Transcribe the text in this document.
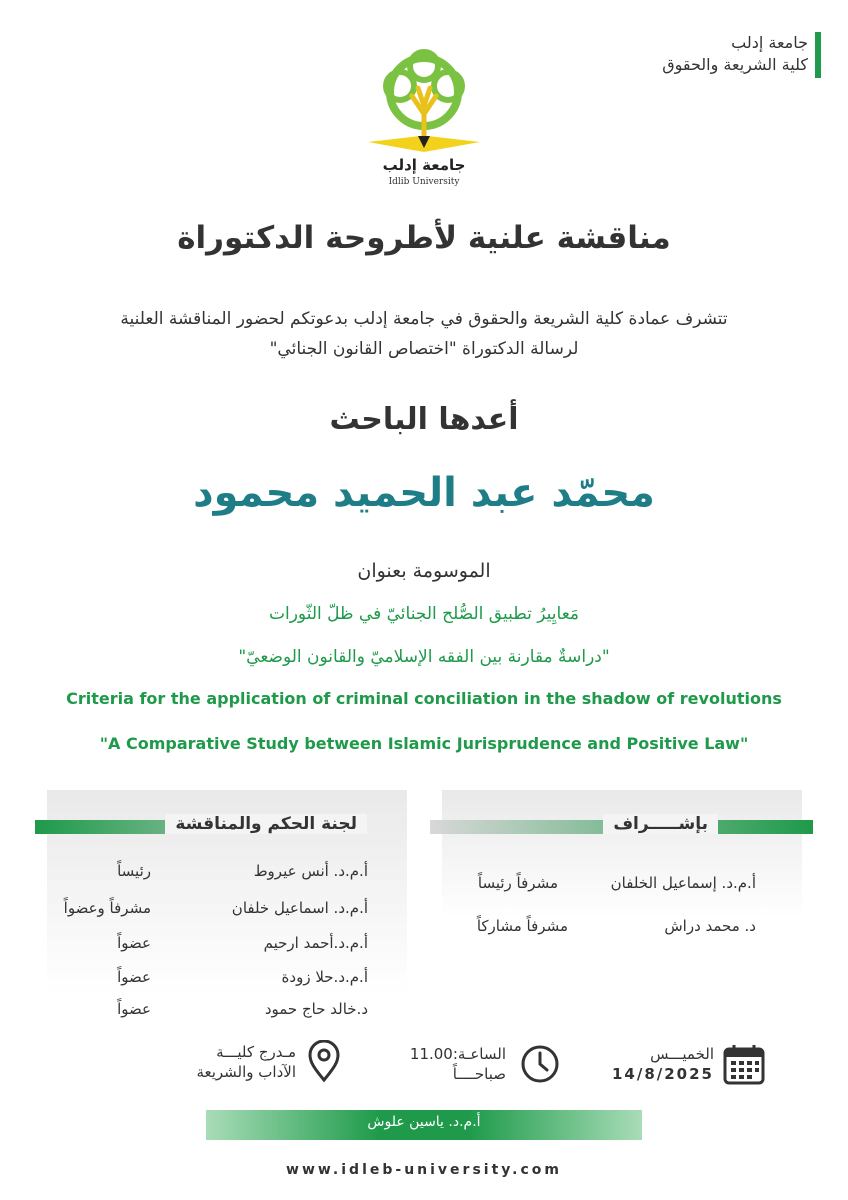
جامعة إدلب
كلية الشريعة والحقوق
جامعة إدلب
Idlib University
مناقشة علنية لأطروحة الدكتوراة
تتشرف عمادة كلية الشريعة والحقوق في جامعة إدلب بدعوتكم لحضور المناقشة العلنية
لرسالة الدكتوراة "اختصاص القانون الجنائي"
أعدها الباحث
محمّد عبد الحميد محمود
الموسومة بعنوان
مَعايِيرُ تطبيق الصُّلح الجنائيّ في ظلّ الثّورات
"دراسةٌ مقارنة بين الفقه الإسلاميّ والقانون الوضعيّ"
Criteria for the application of criminal conciliation in the shadow of revolutions
"A Comparative Study between Islamic Jurisprudence and Positive Law"
لجنة الحكم والمناقشة
أ.م.د. أنس عيروط
رئيساً
أ.م.د. اسماعيل خلفان
مشرفاً وعضواً
أ.م.د.أحمد ارحيم
عضواً
أ.م.د.حلا زودة
عضواً
د.خالد حاج حمود
عضواً
بإشـــــراف
أ.م.د. إسماعيل الخلفان
مشرفاً رئيساً
د. محمد دراش
مشرفاً مشاركاً
الخميـــس
14/8/2025
الساعـة:11.00
صباحــــاً
مـدرج كليـــة
الآداب والشريعة
أ.م.د. ياسين علوش
www.idleb-university.com
